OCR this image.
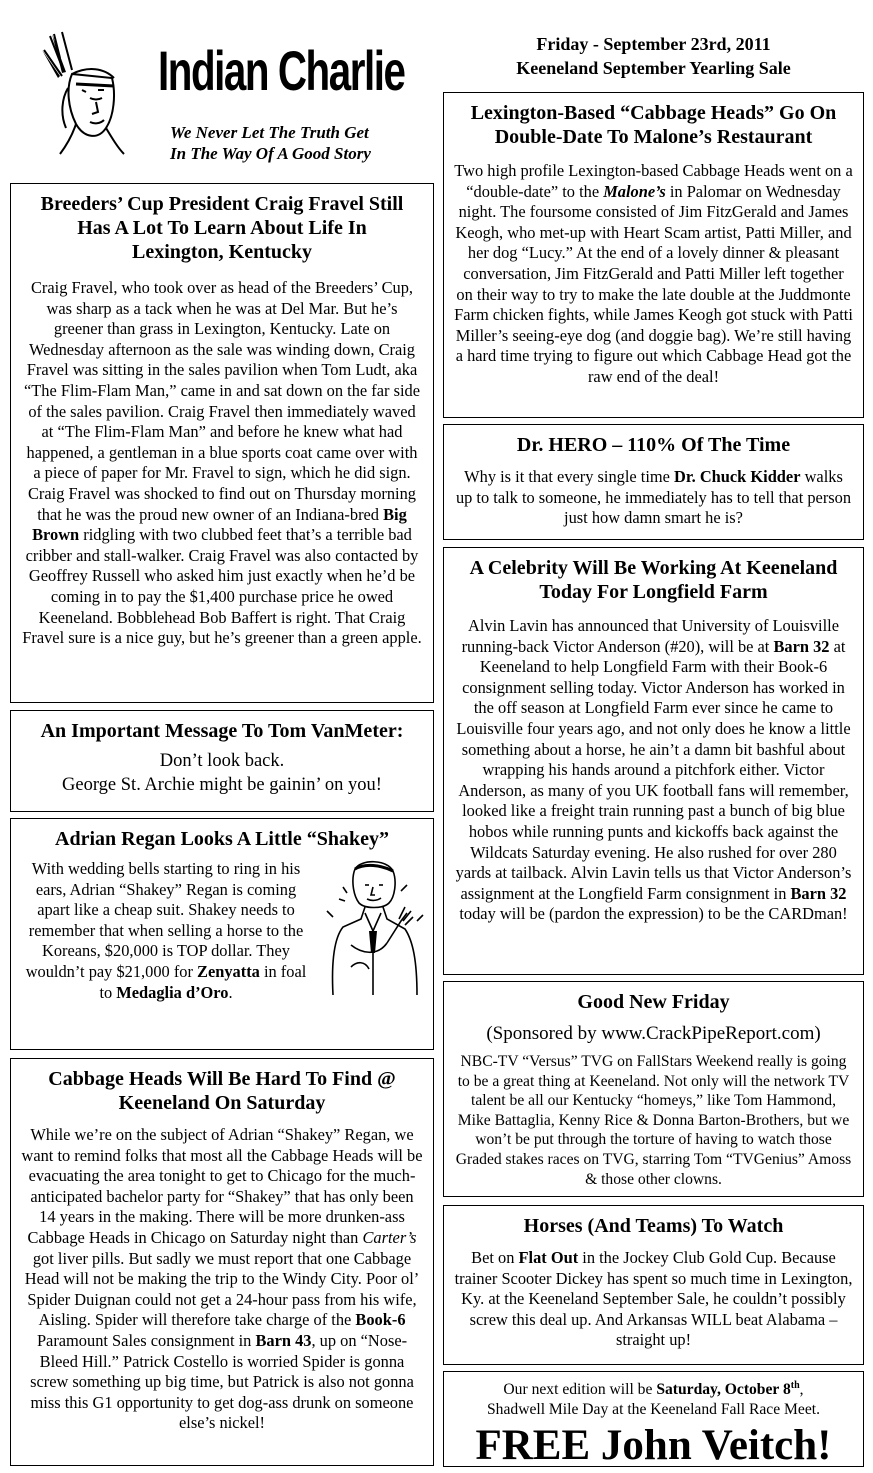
Indian Charlie
We Never Let The Truth Get
In The Way Of A Good Story
Breeders’ Cup President Craig Fravel Still Has A Lot To Learn About Life In Lexington, Kentucky

Craig Fravel, who took over as head of the Breeders’ Cup, was sharp as a tack when he was at Del Mar. But he’s greener than grass in Lexington, Kentucky. Late on Wednesday afternoon as the sale was winding down, Craig Fravel was sitting in the sales pavilion when Tom Ludt, aka “The Flim-Flam Man,” came in and sat down on the far side of the sales pavilion. Craig Fravel then immediately waved at “The Flim-Flam Man” and before he knew what had happened, a gentleman in a blue sports coat came over with a piece of paper for Mr. Fravel to sign, which he did sign. Craig Fravel was shocked to find out on Thursday morning that he was the proud new owner of an Indiana-bred Big Brown ridgling with two clubbed feet that’s a terrible bad cribber and stall-walker. Craig Fravel was also contacted by Geoffrey Russell who asked him just exactly when he’d be coming in to pay the $1,400 purchase price he owed Keeneland. Bobblehead Bob Baffert is right. That Craig Fravel sure is a nice guy, but he’s greener than a green apple.

An Important Message To Tom VanMeter:

Don’t look back.
George St. Archie might be gainin’ on you!

Adrian Regan Looks A Little “Shakey”

With wedding bells starting to ring in his ears, Adrian “Shakey” Regan is coming apart like a cheap suit. Shakey needs to remember that when selling a horse to the Koreans, $20,000 is TOP dollar. They wouldn’t pay $21,000 for Zenyatta in foal to Medaglia d’Oro.

Cabbage Heads Will Be Hard To Find @ Keeneland On Saturday

While we’re on the subject of Adrian “Shakey” Regan, we want to remind folks that most all the Cabbage Heads will be evacuating the area tonight to get to Chicago for the much-anticipated bachelor party for “Shakey” that has only been 14 years in the making. There will be more drunken-ass Cabbage Heads in Chicago on Saturday night than Carter’s got liver pills. But sadly we must report that one Cabbage Head will not be making the trip to the Windy City. Poor ol’ Spider Duignan could not get a 24-hour pass from his wife, Aisling. Spider will therefore take charge of the Book-6 Paramount Sales consignment in Barn 43, up on “Nose-Bleed Hill.” Patrick Costello is worried Spider is gonna screw something up big time, but Patrick is also not gonna miss this G1 opportunity to get dog-ass drunk on someone else’s nickel!

Friday - September 23rd, 2011
Keeneland September Yearling Sale
Lexington-Based “Cabbage Heads” Go On Double-Date To Malone’s Restaurant

Two high profile Lexington-based Cabbage Heads went on a “double-date” to the Malone’s in Palomar on Wednesday night. The foursome consisted of Jim FitzGerald and James Keogh, who met-up with Heart Scam artist, Patti Miller, and her dog “Lucy.” At the end of a lovely dinner & pleasant conversation, Jim FitzGerald and Patti Miller left together on their way to try to make the late double at the Juddmonte Farm chicken fights, while James Keogh got stuck with Patti Miller’s seeing-eye dog (and doggie bag). We’re still having a hard time trying to figure out which Cabbage Head got the raw end of the deal!

Dr. HERO – 110% Of The Time

Why is it that every single time Dr. Chuck Kidder walks up to talk to someone, he immediately has to tell that person just how damn smart he is?

A Celebrity Will Be Working At Keeneland Today For Longfield Farm

Alvin Lavin has announced that University of Louisville running-back Victor Anderson (#20), will be at Barn 32 at Keeneland to help Longfield Farm with their Book-6 consignment selling today. Victor Anderson has worked in the off season at Longfield Farm ever since he came to Louisville four years ago, and not only does he know a little something about a horse, he ain’t a damn bit bashful about wrapping his hands around a pitchfork either. Victor Anderson, as many of you UK football fans will remember, looked like a freight train running past a bunch of big blue hobos while running punts and kickoffs back against the Wildcats Saturday evening. He also rushed for over 280 yards at tailback. Alvin Lavin tells us that Victor Anderson’s assignment at the Longfield Farm consignment in Barn 32 today will be (pardon the expression) to be the CARDman!

Good New Friday
(Sponsored by www.CrackPipeReport.com)

NBC-TV “Versus” TVG on FallStars Weekend really is going to be a great thing at Keeneland. Not only will the network TV talent be all our Kentucky “homeys,” like Tom Hammond, Mike Battaglia, Kenny Rice & Donna Barton-Brothers, but we won’t be put through the torture of having to watch those Graded stakes races on TVG, starring Tom “TVGenius” Amoss & those other clowns.

Horses (And Teams) To Watch

Bet on Flat Out in the Jockey Club Gold Cup. Because trainer Scooter Dickey has spent so much time in Lexington, Ky. at the Keeneland September Sale, he couldn’t possibly screw this deal up. And Arkansas WILL beat Alabama – straight up!

Our next edition will be Saturday, October 8th,
Shadwell Mile Day at the Keeneland Fall Race Meet.

FREE John Veitch!
